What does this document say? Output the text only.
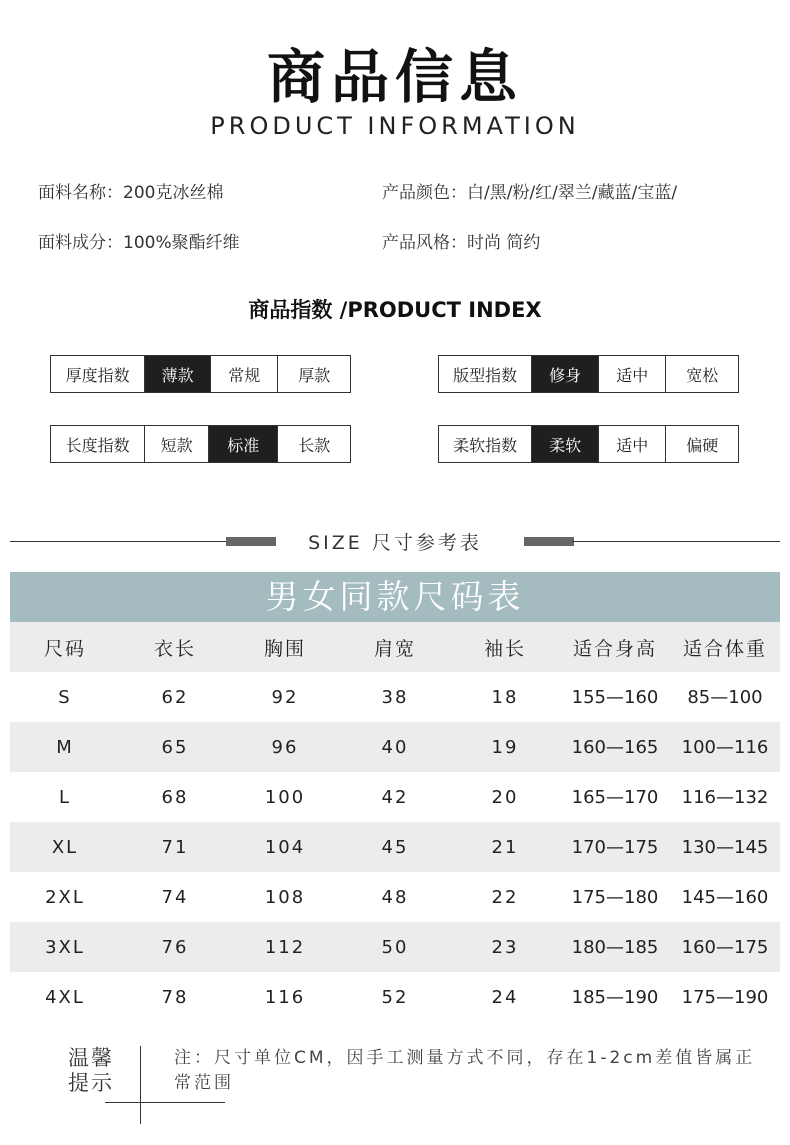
商品信息
PRODUCT INFORMATION
面料名称：200克冰丝棉	产品颜色：白/黑/粉/红/翠兰/藏蓝/宝蓝/
面料成分：100%聚酯纤维	产品风格：时尚 简约
商品指数 /PRODUCT INDEX
厚度指数	薄款	常规	厚款	版型指数	修身	适中	宽松
长度指数	短款	标准	长款	柔软指数	柔软	适中	偏硬
SIZE 尺寸参考表
男女同款尺码表
尺码	衣长	胸围	肩宽	袖长	适合身高	适合体重
S	62	92	38	18	155—160	85—100
M	65	96	40	19	160—165	100—116
L	68	100	42	20	165—170	116—132
XL	71	104	45	21	170—175	130—145
2XL	74	108	48	22	175—180	145—160
3XL	76	112	50	23	180—185	160—175
4XL	78	116	52	24	185—190	175—190
温馨
提示
注：尺寸单位CM，因手工测量方式不同，存在1-2cm差值皆属正常范围
